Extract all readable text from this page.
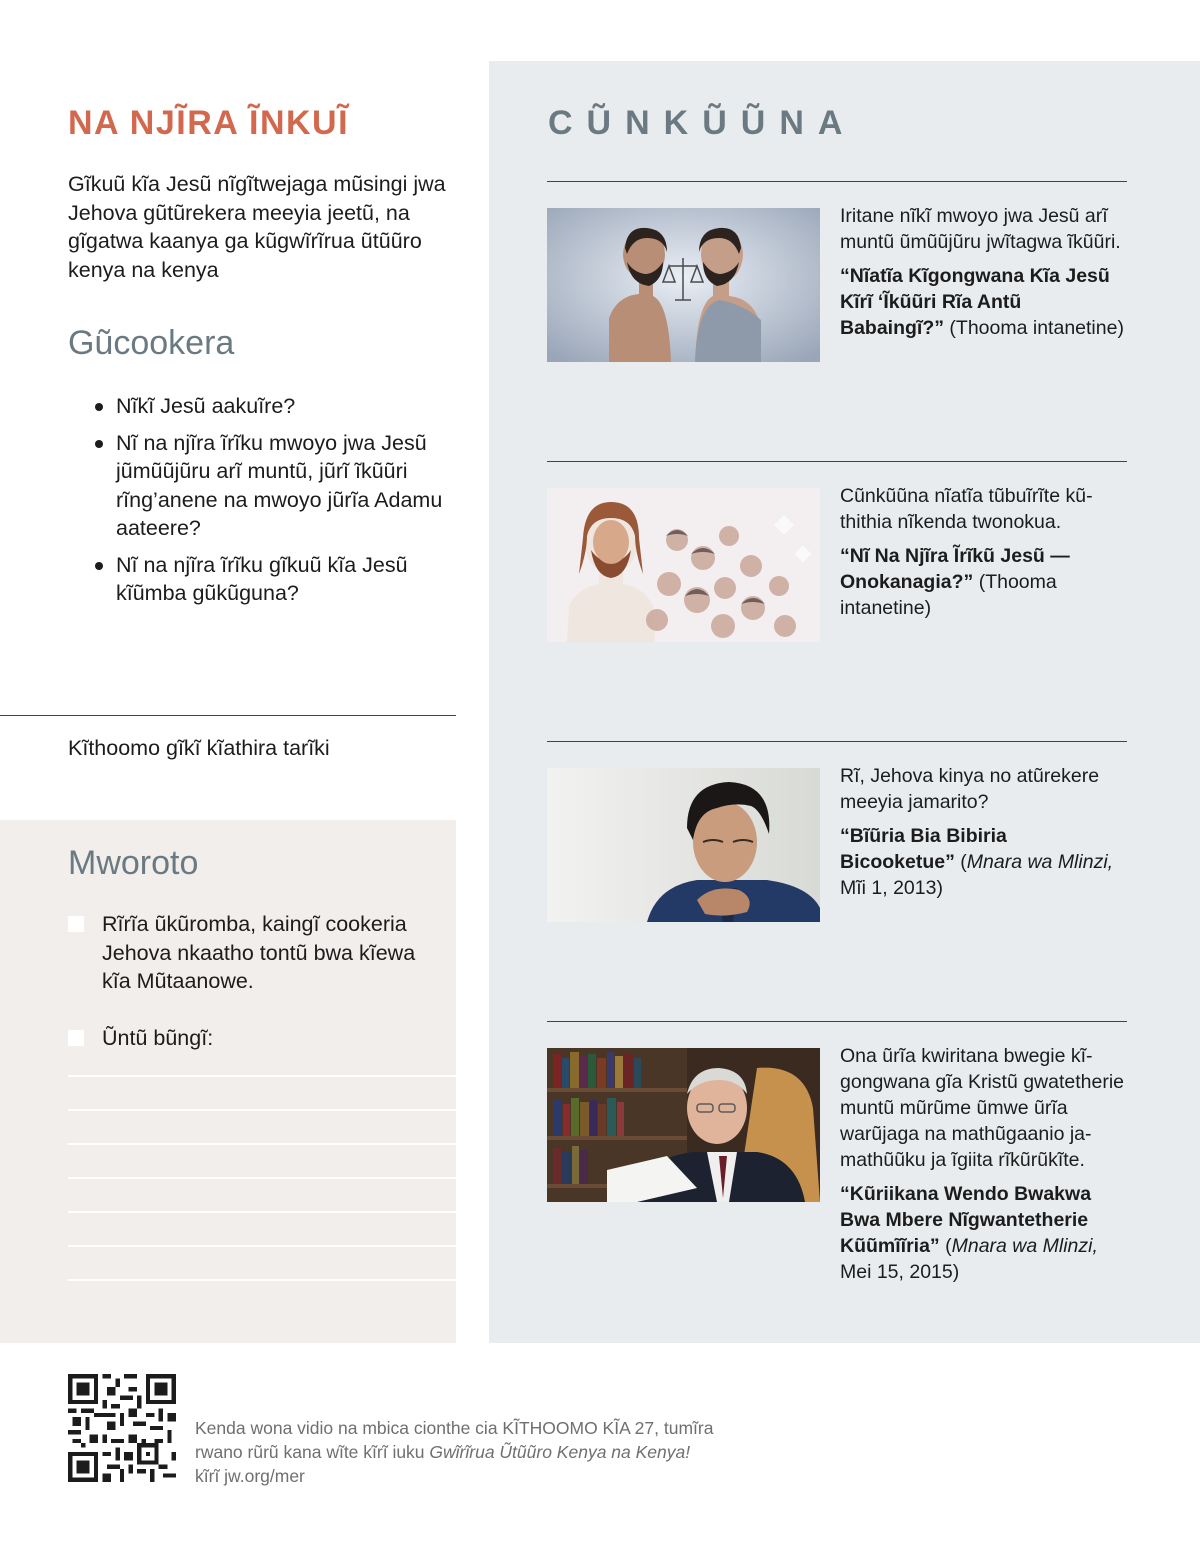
NA NJĨRA ĨNKUĨ

Gĩkuũ kĩa Jesũ nĩgĩtwejaga mũsingi jwa Jehova gũtũrekera meeyia jeetũ, na gĩgatwa kaanya ga kũgwĩrĩrua ũtũũro kenya na kenya

Gũcookera
Nĩkĩ Jesũ aakuĩre?
Nĩ na njĩra ĩrĩku mwoyo jwa Jesũ jũmũũjũru arĩ muntũ, jũrĩ ĩkũũri rĩng’anene na mwoyo jũrĩa Adamu aateere?
Nĩ na njĩra ĩrĩku gĩkuũ kĩa Jesũ kĩũmba gũkũguna?
Kĩthoomo gĩkĩ kĩathira tarĩki
Mworoto
Rĩrĩa ũkũromba, kaingĩ cookeria Jehova nkaatho tontũ bwa kĩewa kĩa Mũtaanowe.
Ũntũ bũngĩ:
CŨNKŨŨNA

Iritane nĩkĩ mwoyo jwa Jesũ arĩ muntũ ũmũũjũru jwĩtagwa ĩkũũri.

“Nĩatĩa Kĩgongwana Kĩa Jesũ Kĩrĩ ‘Ĩkũũri Rĩa Antũ Babaingĩ?” (Thooma intanetine)

Cũnkũũna nĩatĩa tũbuĩrĩte kũthithia nĩkenda twonokua.

“Nĩ Na Njĩra Ĩrĩkũ Jesũ —Onokanagia?” (Thooma intanetine)

Rĩ, Jehova kinya no atũrekere meeyia jamarito?

“Bĩũria Bia Bibiria Bicooketue” (Mnara wa Mlinzi, Mĩi 1, 2013)

Ona ũrĩa kwiritana bwegie kĩgongwana gĩa Kristũ gwatetherie muntũ mũrũme ũmwe ũrĩa warũjaga na mathũgaanio jamathũũku ja ĩgiita rĩkũrũkĩte.

“Kũriikana Wendo Bwakwa Bwa Mbere Nĩgwantetherie Kũũmĩĩria” (Mnara wa Mlinzi, Mei 15, 2015)

Kenda wona vidio na mbica cionthe cia KĨTHOOMO KĨA 27, tumĩra rwano rũrũ kana wĩte kĩrĩ iuku Gwĩrĩrua Ũtũũro Kenya na Kenya! kĩrĩ jw.org/mer
